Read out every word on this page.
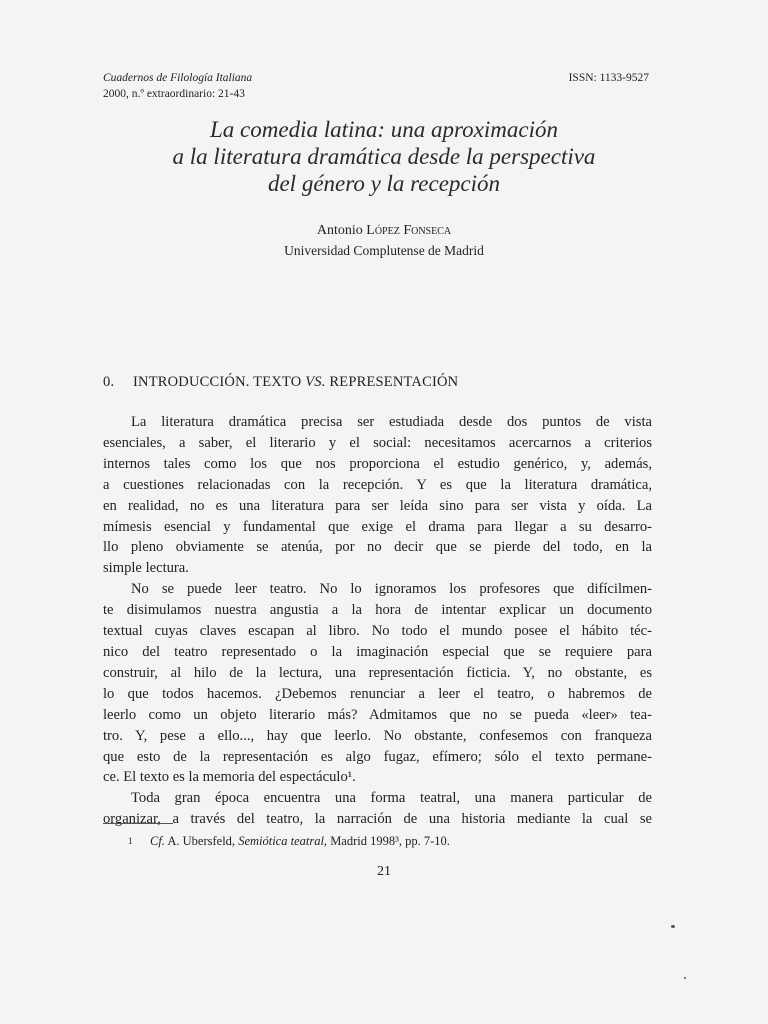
Cuadernos de Filología Italiana
2000, n.º extraordinario: 21-43
ISSN: 1133-9527
La comedia latina: una aproximación
a la literatura dramática desde la perspectiva
del género y la recepción
Antonio López Fonseca
Universidad Complutense de Madrid
0. INTRODUCCIÓN. TEXTO VS. REPRESENTACIÓN
La literatura dramática precisa ser estudiada desde dos puntos de vista
esenciales, a saber, el literario y el social: necesitamos acercarnos a criterios
internos tales como los que nos proporciona el estudio genérico, y, además,
a cuestiones relacionadas con la recepción. Y es que la literatura dramática,
en realidad, no es una literatura para ser leída sino para ser vista y oída. La
mímesis esencial y fundamental que exige el drama para llegar a su desarro-
llo pleno obviamente se atenúa, por no decir que se pierde del todo, en la
simple lectura.
No se puede leer teatro. No lo ignoramos los profesores que difícilmen-
te disimulamos nuestra angustia a la hora de intentar explicar un documento
textual cuyas claves escapan al libro. No todo el mundo posee el hábito téc-
nico del teatro representado o la imaginación especial que se requiere para
construir, al hilo de la lectura, una representación ficticia. Y, no obstante, es
lo que todos hacemos. ¿Debemos renunciar a leer el teatro, o habremos de
leerlo como un objeto literario más? Admitamos que no se pueda «leer» tea-
tro. Y, pese a ello..., hay que leerlo. No obstante, confesemos con franqueza
que esto de la representación es algo fugaz, efímero; sólo el texto permane-
ce. El texto es la memoria del espectáculo¹.
Toda gran época encuentra una forma teatral, una manera particular de
organizar, a través del teatro, la narración de una historia mediante la cual se
1 Cf. A. Ubersfeld, Semiótica teatral, Madrid 1998³, pp. 7-10.
21
